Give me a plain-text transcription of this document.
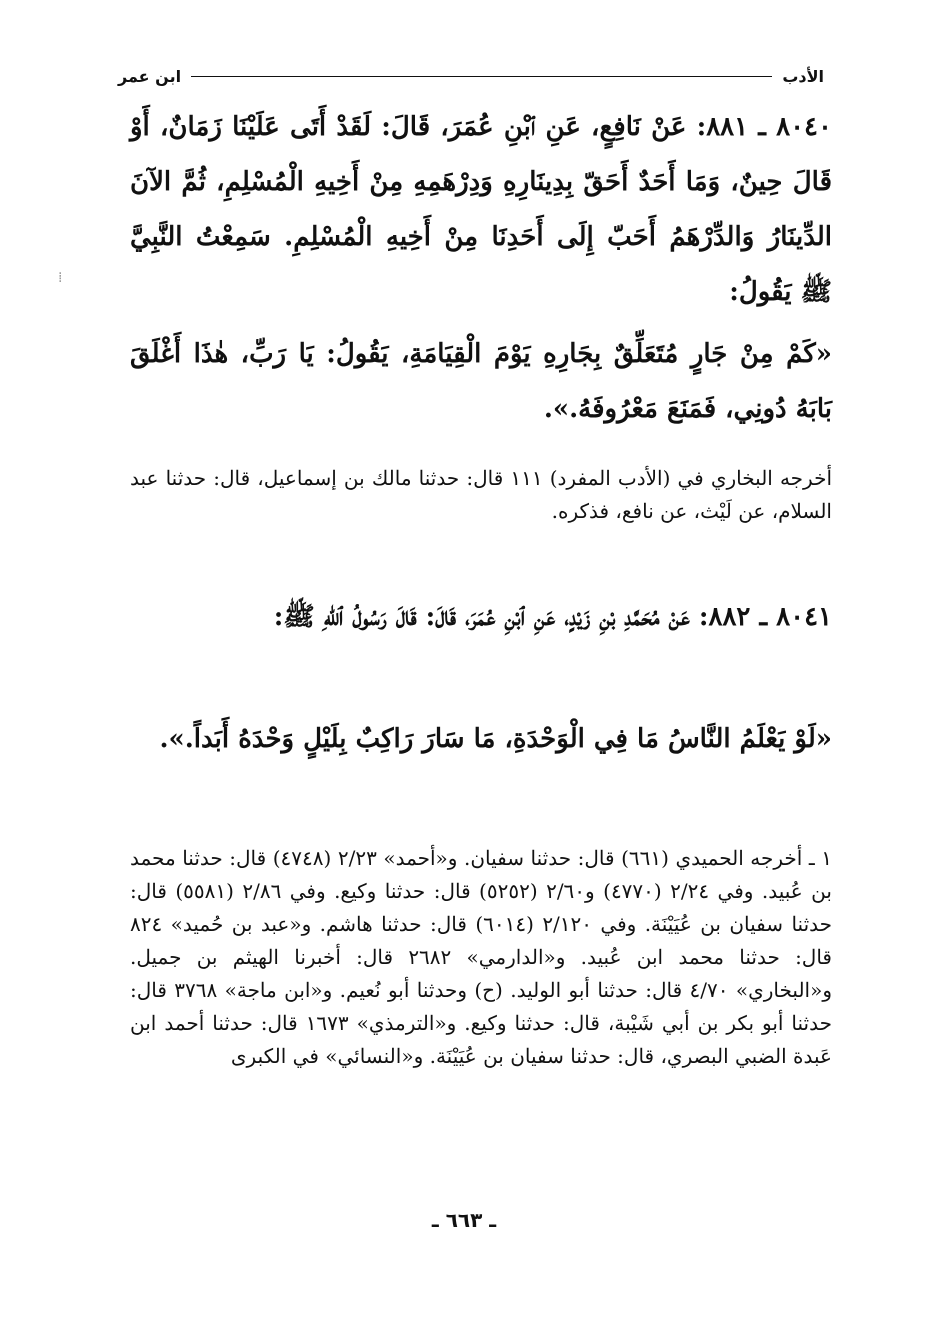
الأدب
ابن عمر

٨٠٤٠ ـ ٨٨١: عَنْ نَافِعٍ، عَنِ ٱبْنِ عُمَرَ، قَالَ: لَقَدْ أَتَى عَلَيْنَا زَمَانٌ، أَوْ قَالَ حِينٌ، وَمَا أَحَدٌ أَحَقّ بِدِينَارِهِ وَدِرْهَمِهِ مِنْ أَخِيهِ الْمُسْلِمِ، ثُمَّ الآنَ الدِّينَارُ وَالدِّرْهَمُ أَحَبّ إِلَى أَحَدِنَا مِنْ أَخِيهِ الْمُسْلِمِ. سَمِعْتُ النَّبِيَّ ﷺ يَقُولُ:

«كَمْ مِنْ جَارٍ مُتَعَلِّقٌ بِجَارِهِ يَوْمَ الْقِيَامَةِ، يَقُولُ: يَا رَبِّ، هٰذَا أَغْلَقَ بَابَهُ دُونِي، فَمَنَعَ مَعْرُوفَهُ.».

أخرجه البخاري في (الأدب المفرد) ١١١ قال: حدثنا مالك بن إسماعيل، قال: حدثنا عبد السلام، عن لَيْث، عن نافع، فذكره.

٨٠٤١ ـ ٨٨٢: عَنْ مُحَمَّدِ بْنِ زَيْدٍ، عَنِ ٱبْنِ عُمَرَ، قَالَ: قَالَ رَسُولُ ٱللّٰهِ ﷺ:

«لَوْ يَعْلَمُ النَّاسُ مَا فِي الْوَحْدَةِ، مَا سَارَ رَاكِبٌ بِلَيْلٍ وَحْدَهُ أَبَداً.».

١ ـ أخرجه الحميدي (٦٦١) قال: حدثنا سفيان. و«أحمد» ٢/٢٣ (٤٧٤٨) قال: حدثنا محمد بن عُبيد. وفي ٢/٢٤ (٤٧٧٠) و٢/٦٠ (٥٢٥٢) قال: حدثنا وكيع. وفي ٢/٨٦ (٥٥٨١) قال: حدثنا سفيان بن عُيَيْنَة. وفي ٢/١٢٠ (٦٠١٤) قال: حدثنا هاشم. و«عبد بن حُميد» ٨٢٤ قال: حدثنا محمد ابن عُبيد. و«الدارمي» ٢٦٨٢ قال: أخبرنا الهيثم بن جميل. و«البخاري» ٤/٧٠ قال: حدثنا أبو الوليد. (ح) وحدثنا أبو نُعيم. و«ابن ماجة» ٣٧٦٨ قال: حدثنا أبو بكر بن أبي شَيْبة، قال: حدثنا وكيع. و«الترمذي» ١٦٧٣ قال: حدثنا أحمد ابن عَبدة الضبي البصري، قال: حدثنا سفيان بن عُيَيْنَة. و«النسائي» في الكبرى

⁞
ـ ٦٦٣ ـ
